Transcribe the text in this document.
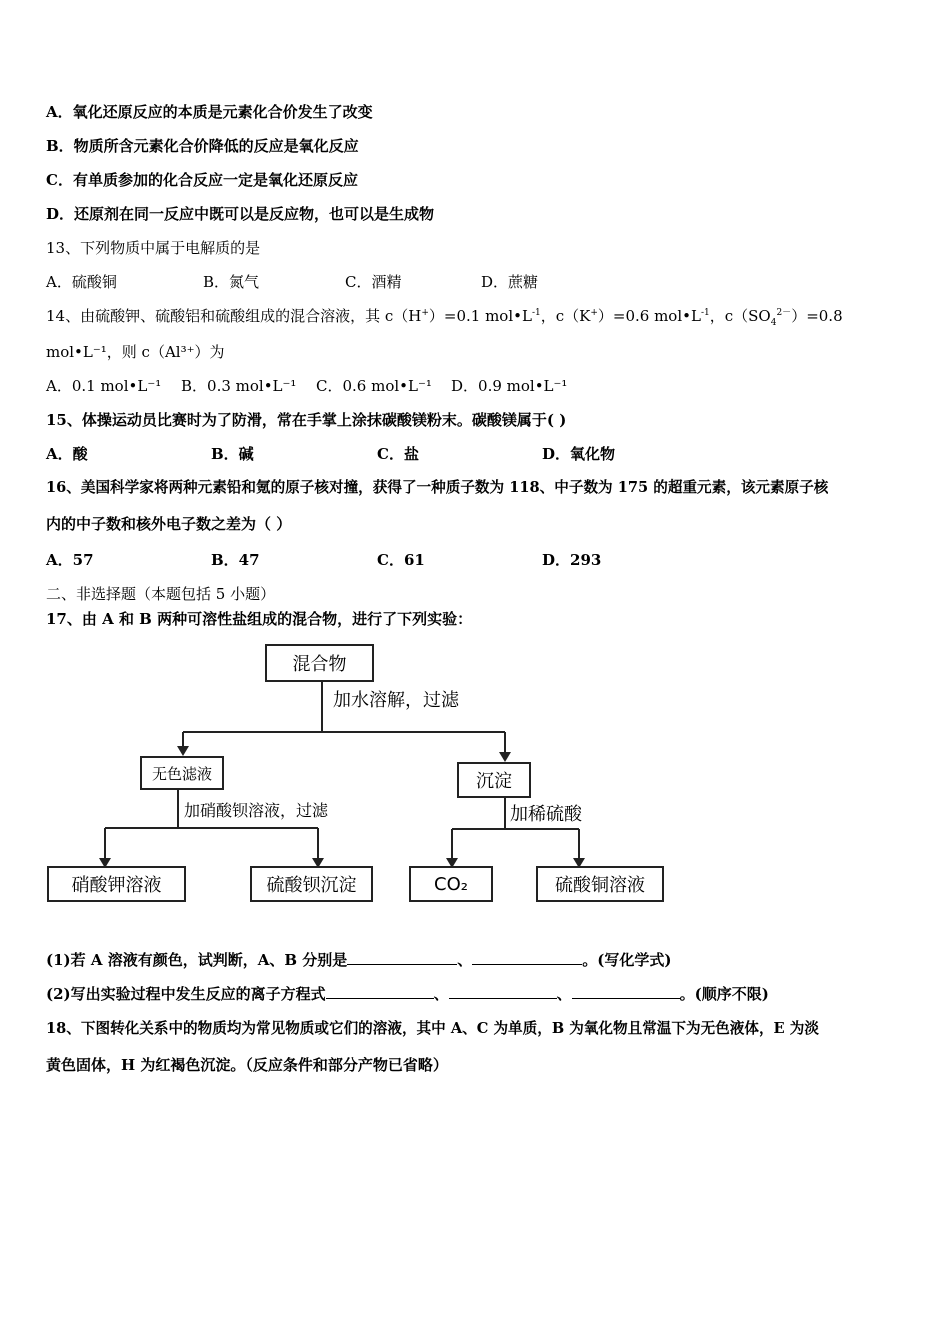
A．氧化还原反应的本质是元素化合价发生了改变
B．物质所含元素化合价降低的反应是氧化反应
C．有单质参加的化合反应一定是氧化还原反应
D．还原剂在同一反应中既可以是反应物，也可以是生成物
13、下列物质中属于电解质的是
A．硫酸铜	B．氮气	C．酒精	D．蔗糖
14、由硫酸钾、硫酸铝和硫酸组成的混合溶液，其 c（H+）=0.1 $mol•L^{-1}$，c（K+）=0.6 $mol•L^{-1}$，$c(SO_4^{2-})=0.8$
mol•L⁻¹，则 c（Al³⁺）为
A．0.1 mol•L⁻¹ B．0.3 mol•L⁻¹ C．0.6 mol•L⁻¹ D．0.9 mol•L⁻¹
15、体操运动员比赛时为了防滑，常在手掌上涂抹碳酸镁粉末。碳酸镁属于( )
A．酸	B．碱	C．盐	D．氧化物
16、美国科学家将两种元素铅和氪的原子核对撞，获得了一种质子数为 118、中子数为 175 的超重元素，该元素原子核
内的中子数和核外电子数之差为（ ）
A．57	B．47	C．61	D．293
二、非选择题（本题包括 5 小题）
17、由 A 和 B 两种可溶性盐组成的混合物，进行了下列实验：
混合物
加水溶解，过滤
无色滤液	沉淀
加硝酸钡溶液，过滤	加稀硫酸
硝酸钾溶液	硫酸钡沉淀	CO₂	硫酸铜溶液
(1)若 A 溶液有颜色，试判断，A、B 分别是	、	。(写化学式)
(2)写出实验过程中发生反应的离子方程式	、	、	。(顺序不限)
18、下图转化关系中的物质均为常见物质或它们的溶液，其中 A、C 为单质，B 为氧化物且常温下为无色液体，E 为淡
黄色固体，H 为红褐色沉淀。（反应条件和部分产物已省略）
